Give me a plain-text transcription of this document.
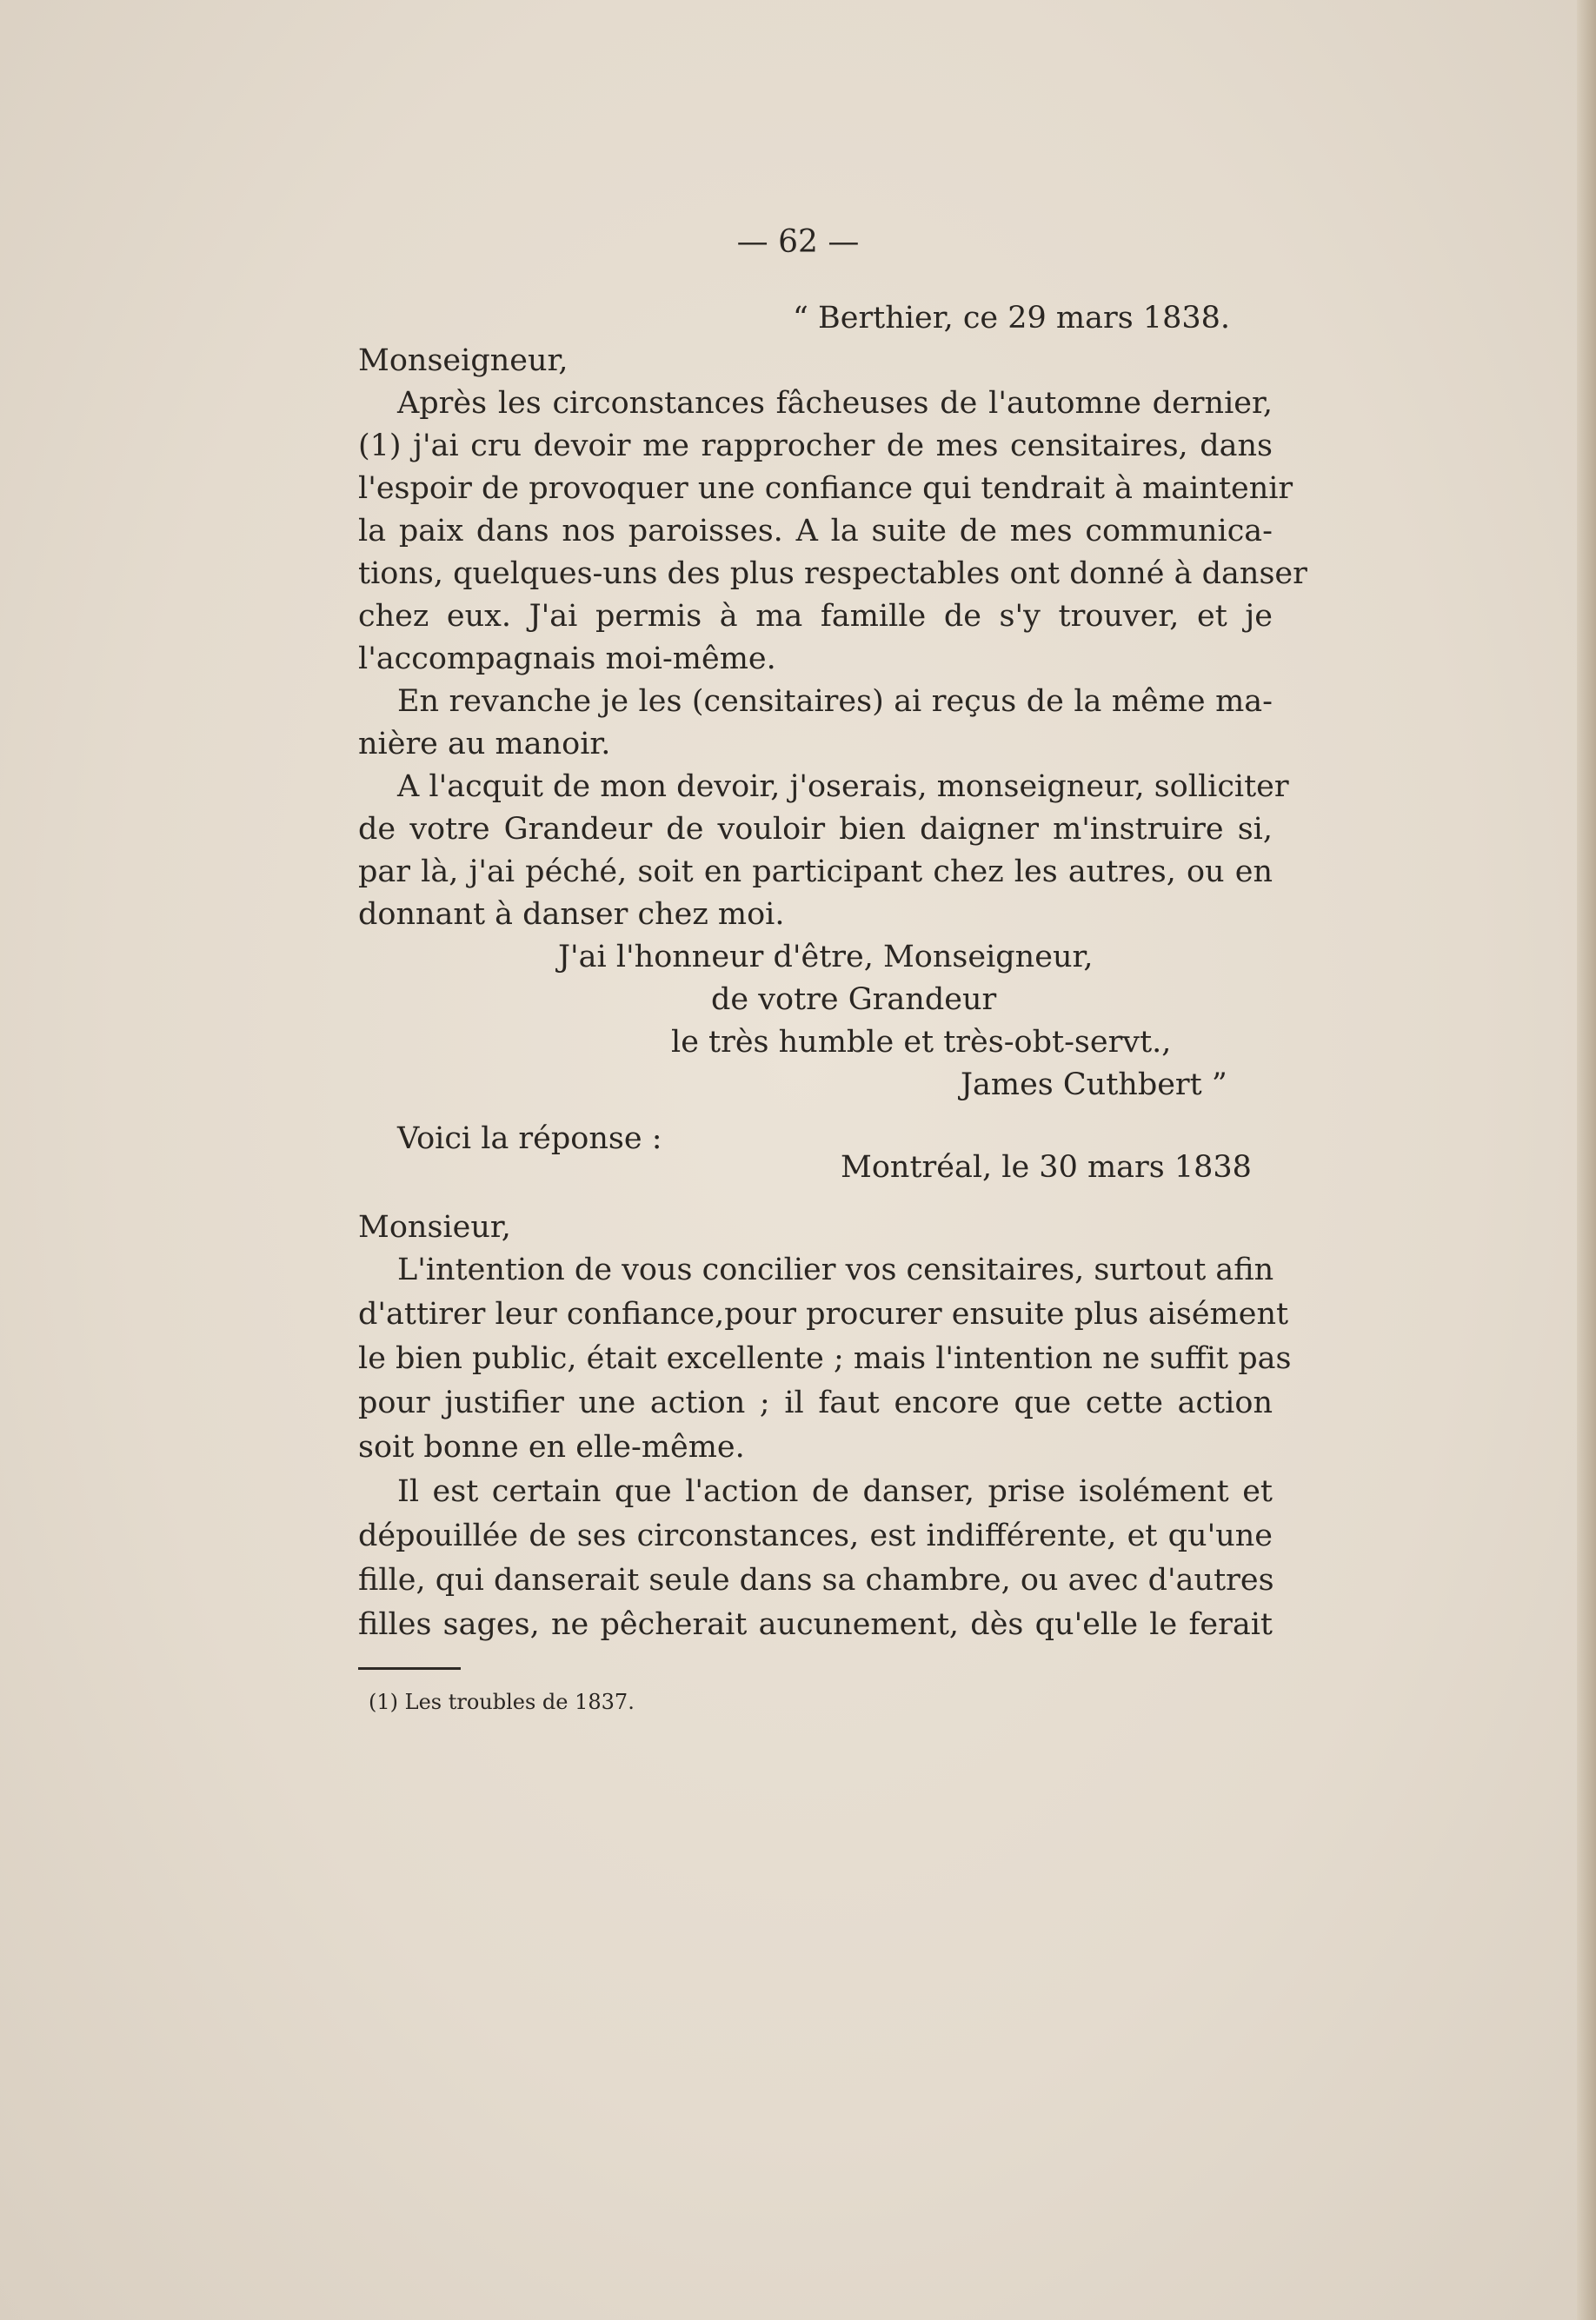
— 62 —
“ Berthier, ce 29 mars 1838.
Monseigneur,
Après les circonstances fâcheuses de l'automne dernier,
(1) j'ai cru devoir me rapprocher de mes censitaires, dans
l'espoir de provoquer une confiance qui tendrait à maintenir
la paix dans nos paroisses. A la suite de mes communica-
tions, quelques-uns des plus respectables ont donné à danser
chez eux. J'ai permis à ma famille de s'y trouver, et je
l'accompagnais moi-même.
En revanche je les (censitaires) ai reçus de la même ma-
nière au manoir.
A l'acquit de mon devoir, j'oserais, monseigneur, solliciter
de votre Grandeur de vouloir bien daigner m'instruire si,
par là, j'ai péché, soit en participant chez les autres, ou en
donnant à danser chez moi.
J'ai l'honneur d'être, Monseigneur,
de votre Grandeur
le très humble et très-obt-servt.,
James Cuthbert ”
Voici la réponse :
Montréal, le 30 mars 1838
Monsieur,
L'intention de vous concilier vos censitaires, surtout afin
d'attirer leur confiance,pour procurer ensuite plus aisément
le bien public, était excellente ; mais l'intention ne suffit pas
pour justifier une action ; il faut encore que cette action
soit bonne en elle-même.
Il est certain que l'action de danser, prise isolément et
dépouillée de ses circonstances, est indifférente, et qu'une
fille, qui danserait seule dans sa chambre, ou avec d'autres
filles sages, ne pêcherait aucunement, dès qu'elle le ferait
(1) Les troubles de 1837.
